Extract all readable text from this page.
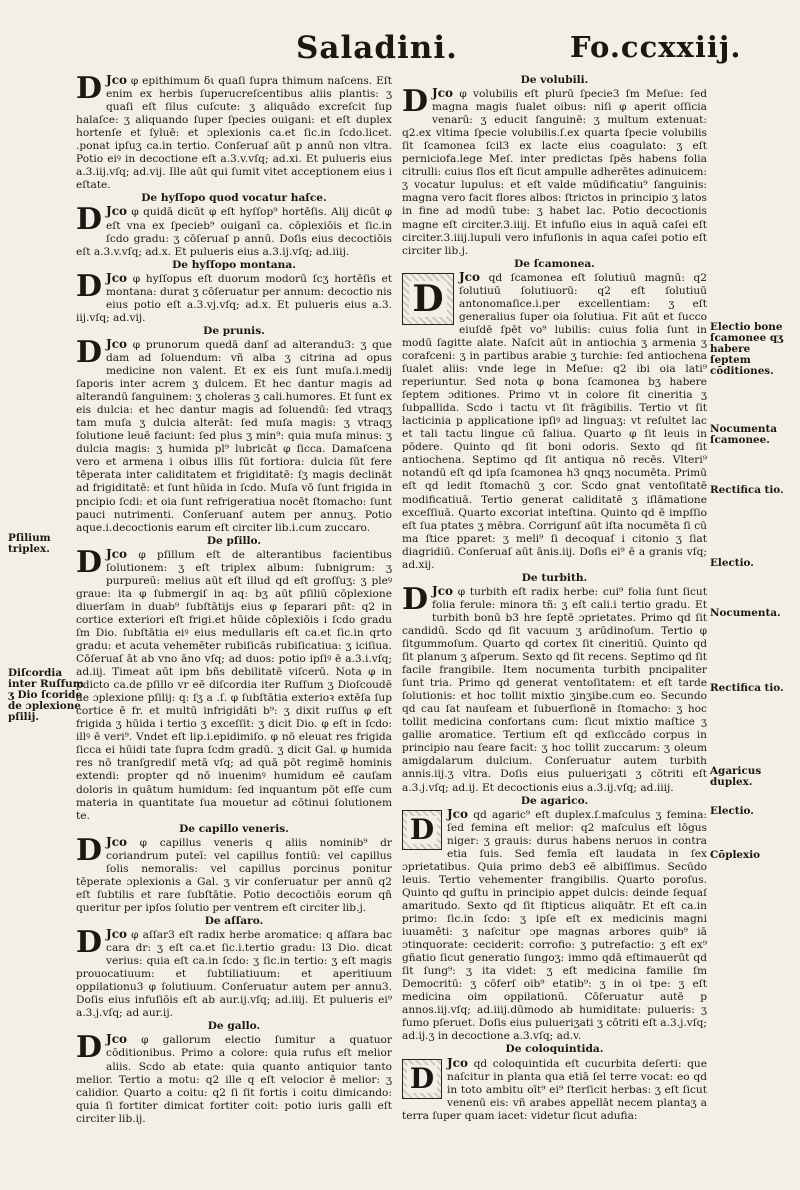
Saladini.	Fo.ccxxiij.
D Jco φ epithimum δι quaſi ſupra thimum naſcens. Eſt enim ex herbis ſuperucreſcentibus aliis plantis: ʒ quaſi eſt ſilus cuſcute: ʒ aliquādo excreſcit ſup halaſce: ʒ aliquando ſuper ſpecies ouigani: et eſt duplex hortenſe et ſyluē: et ɔplexionis ca.et ſic.in ſcdo.licet. .ponat ipſuʒ ca.in tertio. Conſeruaſ aūt p annū non vltra. Potio eiꝰ in decoctione eſt a.3.v.vſq; ad.xi. Et pulueris eius a.3.iij.vſq; ad.vij. Ille aūt qui ſumit vitet acceptionem eius i eſtate.
De hyſſopo quod vocatur haſce.
D Jco φ quidā dicūt φ eſt hyſſop⁹ hortēſis. Alij dicūt φ eſt vna ex ſpecieb⁹ ouiganī ca. cōplexiōis et ſic.in ſcdo gradu: ʒ cōſeruaſ p annū. Doſis eius decoctiōis eſt a.3.v.vſq; ad.x. Et pulueris eius a.3.ij.vſq; ad.iiij.
De hyſſopo montana.
D Jco φ hyſſopus eſt duorum modorū ſcʒ hortēſis et montana: durat ʒ cōſeruatur per annum: decoctio nis eius potio eſt a.3.vj.vſq; ad.x. Et pulueris eius a.3. iij.vſq; ad.vij.
De prunis.
D Jco φ prunorum quedā danſ ad alterandu3: ʒ que dam ad ſoluendum: vñ alba ʒ citrina ad opus medicine non valent. Et ex eis ſunt muſa.i.medij ſaporis inter acrem ʒ dulcem. Et hec dantur magis ad alterandū ſanguinem: ʒ choleras ʒ cali.humores. Et ſunt ex eis dulcia: et hec dantur magis ad ſoluendū: ſed vtraqʒ tam muſa ʒ dulcia alterāt: ſed muſa magis: ʒ vtraqʒ ſolutione leuē faciunt: ſed plus ʒ min⁹: quia muſa minus: ʒ dulcia magis: ʒ humida pl⁹ lubricāt φ ſicca. Damaſcena vero et armena i oibus illis ſūt fortiora: dulcia ſūt fere tēperata inter caliditatem et frigiditatē: ſʒ magis declināt ad frigiditatē: et ſunt hūida in ſcdo. Muſa vō ſunt frigida in pncipio ſcdi: et oia ſunt refrigeratiua nocēt ſtomacho: ſunt pauci nutrimenti. Conſeruanſ autem per annuʒ. Potio aque.i.decoctionis earum eſt circiter lib.i.cum zuccaro.
De pſillo.
D Jco φ pſillum eſt de alterantibus facientibus ſolutionem: ʒ eſt triplex album: ſubnigrum: ʒ purpureū: melius aūt eſt illud qd eſt groſſuʒ: ʒ pleꝰ graue: ita φ ſubmergiſ in aq: bʒ aūt pſiliū cōplexione diuerſam in duab⁹ ſubſtātijs eius φ ſeparari pñt: q2 in cortice exteriori eſt frigi.et hūide cōplexiōis i ſcdo gradu ſm Dio. ſubſtātia eiꝰ eius medullaris eſt ca.et ſic.in qrto gradu: et acuta vehemēter rubiſicās rubiſicatiua: ʒ iciſiua. Cōſeruaſ āt ab vno āno vſq; ad duos: potio ipſiꝰ ē a.3.i.vſq; ad.iij. Timeat aūt ipm bñs debilitatē viſcerū. Nota φ in pdicto ca.de pſillo vr eē diſcordia iter Ruſſum ʒ Dioſcoudē de ɔplexione pſilij: q: ſʒ a .ſ. φ ſubſtātia exterioꝛ extēſa ſup cortice ē fr. et multū infrigidāti b⁹: ʒ dixit ruſſus φ eſt frigida ʒ hūida i tertio ʒ exceſſit: ʒ dicit Dio. φ eſt in ſcdo: illꝰ ē veri⁹. Vndet eſt lip.i.epidimiſo. φ nō eleuat res frigida ſicca ei hūidi tate ſupra ſcdm gradū. ʒ dicit Gal. φ humida res nō tranſgrediſ metā vſq; ad quā pōt regimē hominis extendi: propter qd nō inuenimꝰ humidum eē cauſam doloris in quātum humidum: ſed inquantum pōt eſſe cum materia in quantitate ſua mouetur ad cōtinui ſolutionem te.
De capillo veneris.
D Jco φ capillus veneris q aliis nominib⁹ dr coriandrum puteī: vel capillus fontiū: vel capillus ſolis nemoralis: vel capillus porcinus ponitur tēperate ɔplexionis a Gal. ʒ vir conſeruatur per annū q2 eſt ſubtilis et rare ſubſtātie. Potio decoctiōis eorum qñ queritur per ipſos ſolutio per ventrem eſt circiter lib.j.
De aſſaro.
D Jco φ aſſar3 eſt radix herbe aromatice: q aſſara bac cara dr: ʒ eſt ca.et ſic.i.tertio gradu: l3 Dio. dicat verius: quia eſt ca.in ſcdo: ʒ ſic.in tertio: ʒ eſt magis prouocatiuum: et ſubtiliatiuum: et aperitiuum oppilationu3 φ ſolutiuum. Conſeruatur autem per annu3. Doſis eius infuſiōis eſt ab aur.ij.vſq; ad.iiij. Et pulueris ei⁹ a.3.j.vſq; ad aur.ij.
De gallo.
D Jco φ gallorum electio ſumitur a quatuor cōditionibus. Primo a colore: quia rufus eſt melior aliis. Scdo ab etate: quia quanto antiquior tanto melior. Tertio a motu: q2 ille q eſt velocior ē melior: ʒ calidior. Quarto a coitu: q2 ſi ſit fortis i coitu dimicando: quia ſi fortiter dimicat fortiter coit: potio iuris galli eſt circiter lib.ij.
De volubili.
D Jco φ volubilis eſt plurū ſpecie3 ſm Meſue: ſed magna magis ſualet oibus: niſi φ aperit oſſicia venarū: ʒ educit ſanguinē: ʒ multum extenuat: q2.ex vltima ſpecie volubilis.ſ.ex quarta ſpecie volubilis ſit ſcamonea ſcil3 ex lacte eius coagulato: ʒ eſt perniciofa.lege Meſ. inter predictas ſpēs habens folia citrulli: cuius ſlos eſt ſicut ampulle adherētes adinuicem: ʒ vocatur lupulus: et eſt valde mūdificatiu⁹ ſanguinis: magna vero facit flores albos: ſtrictos in principio ʒ latos in fine ad modū tube: ʒ habet lac. Potio decoctionis magne eſt circiter.3.iiij. Et infuſio eius in aquā caſei eſt circiter.3.iiij.lupuli vero infuſionis in aqua caſei potio eſt circiter lib.j.
De ſcamonea.
D
Jco qd ſcamonea eſt ſolutiuū magnū: q2 ſolutiuū ſolutiuorū: q2 eſt ſolutiuū antonomaſice.i.per excellentiam: ʒ eſt generalius ſuper oia ſolutiua. Fit aūt et ſucco eiuſdē ſpēt vo⁹ lubilis: cuius folia ſunt in modū ſagitte alate. Naſcit aūt in antiochia ʒ armenia ʒ corafceni: ʒ in partibus arabie ʒ turchie: ſed antiochena ſualet aliis: vnde lege in Meſue: q2 ibi oia lati⁹ reperiuntur. Sed nota φ bona ſcamonea bʒ habere ſeptem ɔditiones. Primo vt in colore ſit cineritia ʒ ſubpallida. Scdo i tactu vt ſit frāgibilis. Tertio vt ſit lacticinia p applicatione ipſiꝰ ad linguaʒ: vt reſultet lac et tali tactu lingue cū ſaliua. Quarto φ ſit leuis in pōdere. Quinto qd ſit boni odoris. Sexto qd ſit antiochena. Septimo qd ſit antiqua nō recēs. Vlteri⁹ notandū eſt qd ipſa ſcamonea h3 qnqʒ nocumēta. Primū eſt qd ledit ſtomachū ʒ cor. Scdo gnat ventoſitatē modificatiuā. Tertio generat caliditatē ʒ iſlāmatione exceſſiuā. Quarto excoriat inteſtina. Quinto qd ē impſſio eſt ſua ptates ʒ mēbra. Corrigunſ aūt iſta nocumēta ſi cū ma ſtice pparet: ʒ meli⁹ ſi decoquaſ i citonio ʒ ſiat diagridiū. Conſeruaſ aūt ānis.iij. Doſis ei⁹ ē a granis vſq; ad.xij.
De turbith.
D Jco φ turbith eſt radix herbe: cui⁹ folia ſunt ſicut folia ferule: minora tñ: ʒ eſt cali.i tertio gradu. Et turbith bonū b3 hre ſeptē ɔprietates. Primo qd ſit candidū. Scdo qd ſit vacuum ʒ arūdinoſum. Tertio φ ſitgummoſum. Quarto qd cortex ſit cineritiū. Quinto qd ſit planum ʒ aſperum. Sexto qd ſit recens. Septimo qd ſit facile frangibile. Item nocumenta turbith pncipaliter ſunt tria. Primo qd generat ventoſitatem: et eſt tarde ſolutionis: et hoc tollit mixtio ʒinʒibe.cum eo. Secundo qd cau ſat nauſeam et ſubuerſionē in ſtomacho: ʒ hoc tollit medicina confortans cum: ſicut mixtio maſtice ʒ gallie aromatice. Tertium eſt qd exſiccādo corpus in principio nau ſeare facit: ʒ hoc tollit zuccarum: ʒ oleum amigdalarum dulcium. Conſeruatur autem turbith annis.iij.ʒ vltra. Doſis eius pulueriʒati ʒ cōtriti eſt a.3.j.vſq; ad.ij. Et decoctionis eius a.3.ij.vſq; ad.iiij.
De agarico.
D Jco qd agaric⁹ eſt duplex.ſ.maſculus ʒ femina: ſed femina eſt melior: q2 maſculus eſt lōgus niger: ʒ grauis: durus habens neruos in contra etia ſuis. Sed femīa eſt laudata in ſex ɔprietatibus. Quia primo deb3 eē albiſſimus. Secūdo leuis. Tertio vehementer frangibilis. Quarto poroſus. Quinto qd guſtu in principio appet dulcis: deinde ſequaſ amaritudo. Sexto qd ſit ſtipticus aliquātr. Et eſt ca.in primo: ſic.in ſcdo: ʒ ipſe eſt ex medicinis magni iuuamēti: ʒ naſcitur ɔpe magnas arbores quib⁹ iā ɔtinquorate: ceciderit: corrofio: ʒ putrefactio: ʒ eſt ex⁹ gñatio ſicut generatio ſungoʒ: immo qdā eſtimauerūt qd ſit ſung⁹: ʒ ita videt: ʒ eſt medicina familie ſm Democritū: ʒ cōferſ oib⁹ etatib⁹: ʒ in oi tpe: ʒ eſt medicina oim oppilationū. Cōſeruatur autē p annos.iij.vſq; ad.iiij.dūmodo ab humiditate: pulueris: ʒ fumo pſeruet. Doſis eius pulueriʒati ʒ cōtriti eſt a.3.j.vſq; ad.ij.ʒ in decoctione a.3.vſq; ad.v.
De coloquintida.
D Jco qd coloquintida eſt cucurbita deſerti: que naſcitur in planta qua etiā ſel terre vocat: eo qd in toto ambitu oīt⁹ ei⁹ ſterſicit herbas: ʒ eſt ſicut venenū eis: vñ arabes appellāt necem plantaʒ a terra ſuper quam iacet: videtur ſicut adufia:
Pſilium triplex.
Diſcordia inter Ruſfum ʒ Dio ſcoride de ɔplexione pſilij.
Electio bone ſcamonee qʒ habere ſeptem cōditiones.
Nocumenta ſcamonee.
Rectifica tio.
Electio.
Nocumenta.
Rectifica tio.
Agaricus duplex.
Electio.
Cōplexio
